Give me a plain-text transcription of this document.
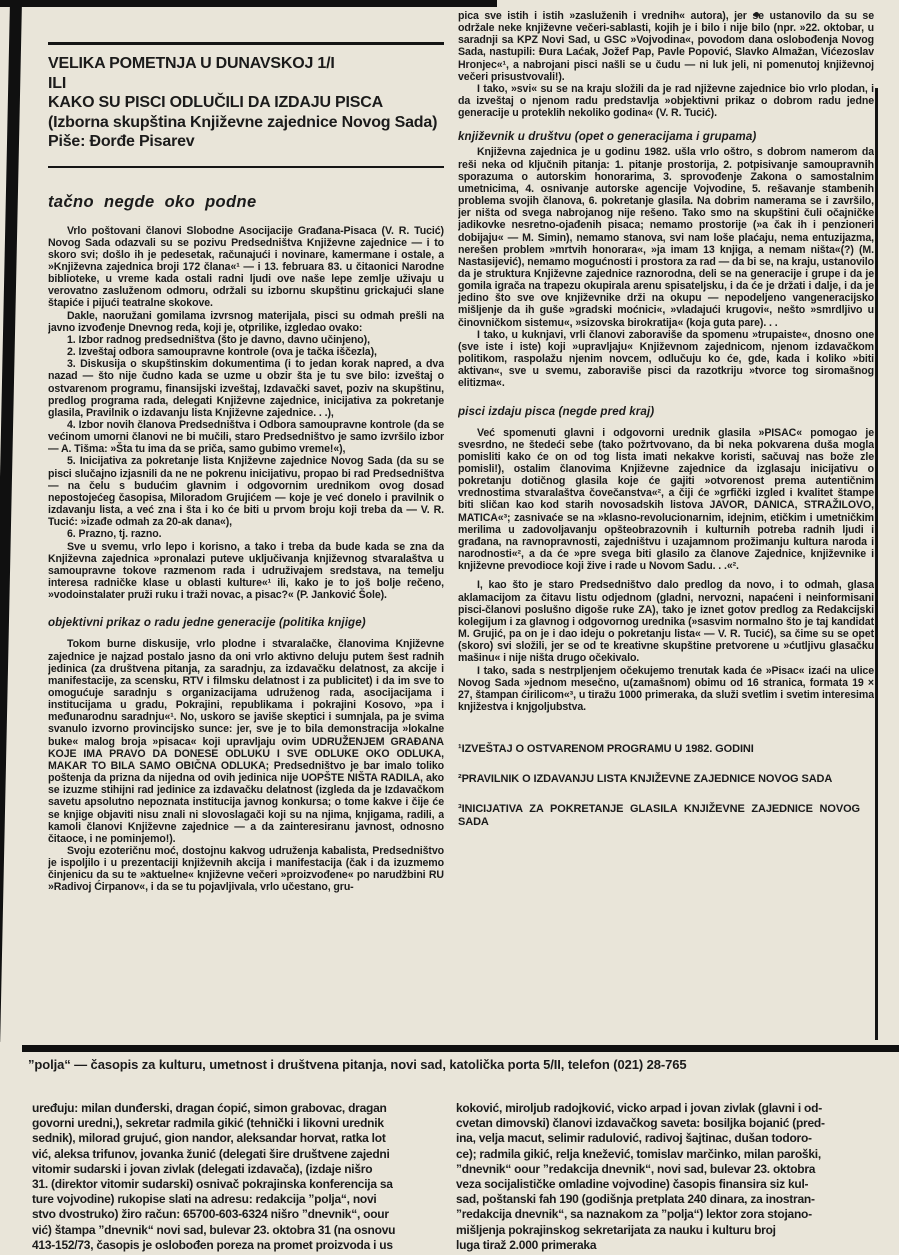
VELIKA POMETNJA U DUNAVSKOJ 1/I
ILI
KAKO SU PISCI ODLUČILI DA IZDAJU PISCA
(Izborna skupština Književne zajednice Novog Sada)
Piše: Đorđe Pisarev
tačno negde oko podne

Vrlo poštovani članovi Slobodne Asocijacije Građana-Pisaca (V. R. Tucić) Novog Sada odazvali su se pozivu Predsedništva Književne zajednice — i to skoro svi; došlo ih je pedesetak, računajući i novinare, kamermane i ostale, a »Književna zajednica broji 172 člana«¹ — i 13. februara 83. u čitaonici Narodne biblioteke, u vreme kada ostali radni ljudi ove naše lepe zemlje uživaju u verovatno zasluženom odmoru, održali su izbornu skupštinu grickajući slane štapiće i pijući teatralne skokove.

Dakle, naoružani gomilama izvrsnog materijala, pisci su odmah prešli na javno izvođenje Dnevnog reda, koji je, otprilike, izgledao ovako:

1. Izbor radnog predsedništva (što je davno, davno učinjeno),

2. Izveštaj odbora samoupravne kontrole (ova je tačka iščezla),

3. Diskusija o skupštinskim dokumentima (i to jedan korak napred, a dva nazad — što nije čudno kada se uzme u obzir šta je tu sve bilo: izveštaj o ostvarenom programu, finansijski izveštaj, Izdavački savet, poziv na skupštinu, predlog programa rada, delegati Književne zajednice, inicijativa za pokretanje glasila, Pravilnik o izdavanju lista Književne zajednice. . .),

4. Izbor novih članova Predsedništva i Odbora samoupravne kontrole (da se većinom umorni članovi ne bi mučili, staro Predsedništvo je samo izvršilo izbor — A. Tišma: »Šta tu ima da se priča, samo gubimo vreme!«),

5. Inicijativa za pokretanje lista Književne zajednice Novog Sada (da su se pisci slučajno izjasnili da ne ne pokrenu inicijativu, propao bi rad Predsedništva — na čelu s budućim glavnim i odgovornim urednikom ovog dosad nepostojećeg časopisa, Miloradom Grujićem — koje je već donelo i pravilnik o izdavanju lista, a već zna i šta i ko će biti u prvom broju koji treba da — V. R. Tucić: »izađe odmah za 20-ak dana«),

6. Prazno, tj. razno.

Sve u svemu, vrlo lepo i korisno, a tako i treba da bude kada se zna da Književna zajednica »pronalazi puteve uključivanja književnog stvaralaštva u samoupravne tokove razmenom rada i udruživajem sredstava, na temelju interesa radničke klase u oblasti kulture«¹ ili, kako je to još bolje rečeno, »vodoinstalater pruži ruku i traži novac, a pisac?« (P. Janković Šole).

objektivni prikaz o radu jedne generacije (politika knjige)

Tokom burne diskusije, vrlo plodne i stvaralačke, članovima Književne zajednice je najzad postalo jasno da oni vrlo aktivno deluju putem šest radnih jedinica (za društvena pitanja, za saradnju, za izdavačku delatnost, za akcije i manifestacije, za scensku, RTV i filmsku delatnost i za publicitet) i da im sve to omogućuje saradnju s organizacijama udruženog rada, asocijacijama i institucijama u gradu, Pokrajini, republikama i pokrajini Kosovo, »pa i međunarodnu saradnju«¹. No, uskoro se javiše skeptici i sumnjala, pa je svima svanulo izvorno provincijsko sunce: jer, sve je to bila demonstracija »lokalne buke« malog broja »pisaca« koji upravljaju ovim UDRUŽENJEM GRAĐANA KOJE IMA PRAVO DA DONESE ODLUKU I SVE ODLUKE OKO ODLUKA, MAKAR TO BILA SAMO OBIČNA ODLUKA; Predsedništvo je bar imalo toliko poštenja da prizna da nijedna od ovih jedinica nije UOPŠTE NIŠTA RADILA, ako se izuzme stihijni rad jedinice za izdavačku delatnost (izgleda da je Izdavačkom savetu apsolutno nepoznata institucija javnog konkursa; o tome kakve i čije će se knjige objaviti nisu znali ni slovoslagači koji su na njima, knjigama, radili, a kamoli članovi Književne zajednice — a da zainteresiranu javnost, odnosno čitaoce, i ne pominjemo!).

Svoju ezoteričnu moć, dostojnu kakvog udruženja kabalista, Predsedništvo je ispoljilo i u prezentaciji književnih akcija i manifestacija (čak i da izuzmemo činjenicu da su te »aktuelne« književne večeri »proizvođene« po narudžbini RU »Radivoj Ćirpanov«, i da se tu pojavljivala, vrlo učestano, gru-

pica sve istih i istih »zasluženih i vrednih« autora), jer se ustanovilo da su se održale neke književne večeri-sablasti, kojih je i bilo i nije bilo (npr. »22. oktobar, u saradnji sa KPZ Novi Sad, u GSC »Vojvodina«, povodom dana oslobođenja Novog Sada, nastupili: Đura Laćak, Jožef Pap, Pavle Popović, Slavko Almažan, Vićezoslav Hronjec«¹, a nabrojani pisci našli se u čudu — ni luk jeli, ni pomenutoj književnoj večeri prisustvovali!).

I tako, »svi« su se na kraju složili da je rad njiževne zajednice bio vrlo plodan, i da izveštaj o njenom radu predstavlja »objektivni prikaz o dobrom radu jedne generacije u proteklih nekoliko godina« (V. R. Tucić).

književnik u društvu (opet o generacijama i grupama)

Književna zajednica je u godinu 1982. ušla vrlo oštro, s dobrom namerom da reši neka od ključnih pitanja: 1. pitanje prostorija, 2. potpisivanje samoupravnih sporazuma o autorskim honorarima, 3. sprovođenje Zakona o samostalnim umetnicima, 4. osnivanje autorske agencije Vojvodine, 5. rešavanje stambenih problema svojih članova, 6. pokretanje glasila. Na dobrim namerama se i završilo, jer ništa od svega nabrojanog nije rešeno. Tako smo na skupštini čuli očajničke jadikovke nesretno-ojađenih pisaca; nemamo prostorije (»a čak ih i penzioneri dobijaju« — M. Simin), nemamo stanova, svi nam loše plaćaju, nema entuzijazma, nerešen problem »mrtvih honorara«, »ja imam 13 knjiga, a nemam ništa«(?) (M. Nastasijević), nemamo mogućnosti i prostora za rad — da bi se, na kraju, ustanovilo da je struktura Književne zajednice raznorodna, deli se na generacije i grupe i da je gomila igrača na trapezu okupirala arenu spisateljsku, i da će je držati i dalje, i da je jedino što sve ove književnike drži na okupu — nepodeljeno vangeneracijsko mišljenje da ih guše »gradski moćnici«, »vladajući krugovi«, nešto »smrdljivo u činovničkom sistemu«, »sizovska birokratija« (koja guta pare). . .

I tako, u kuknjavi, vrli članovi zaboraviše da spomenu »trupaiste«, dnosno one (sve iste i iste) koji »upravljaju« Književnom zajednicom, njenom izdavačkom politikom, raspolažu njenim novcem, odlučuju ko će, gde, kada i koliko »biti aktivan«, sve u svemu, zaboraviše pisci da razotkriju »tvorce tog siromašnog elitizma«.

pisci izdaju pisca (negde pred kraj)

Već spomenuti glavni i odgovorni urednik glasila »PISAC« pomogao je svesrdno, ne štedeći sebe (tako požrtvovano, da bi neka pokvarena duša mogla pomisliti kako će on od tog lista imati nekakve koristi, sačuvaj nas bože zle pomisli!), ostalim članovima Književne zajednice da izglasaju inicijativu o pokretanju dotičnog glasila koje će gajiti »otvorenost prema autentičnim vrednostima stvaralaštva čovečanstva«², a čiji će »grfički izgled i kvalitet štampe biti sličan kao kod starih novosadskih listova JAVOR, DANICA, STRAŽILOVO, MATICA«³; zasnivaće se na »klasno-revolucionarnim, idejnim, etičkim i umetničkim merilima u zadovoljavanju opšteobrazovnih i kulturnih potreba radnih ljudi i građana, na ravnopravnosti, zajedništvu i uzajamnom prožimanju kultura naroda i narodnosti«², a da će »pre svega biti glasilo za članove Zajednice, književnike i književne prevodioce koji žive i rade u Novom Sadu. . .«².

I, kao što je staro Predsedništvo dalo predlog da novo, i to odmah, glasa aklamacijom za čitavu listu odjednom (gladni, nervozni, napaćeni i neinformisani pisci-članovi poslušno digoše ruke ZA), tako je iznet gotov predlog za Redakcijski kolegijum i za glavnog i odgovornog urednika (»sasvim normalno što je taj kandidat M. Grujić, pa on je i dao ideju o pokretanju lista« — V. R. Tucić), sa čime su se opet (skoro) svi složili, jer se od te kreativne skupštine pretvorene u »ćutljivu glasačku mašinu« i nije ništa drugo očekivalo.

I tako, sada s nestrpljenjem očekujemo trenutak kada će »Pisac« izaći na ulice Novog Sada »jednom mesečno, u(zamašnom) obimu od 16 stranica, formata 19 × 27, štampan ćirilicom«³, u tiražu 1000 primeraka, da služi svetlim i svetim interesima knjižestva i knjgoljubstva.

¹IZVEŠTAJ O OSTVARENOM PROGRAMU U 1982. GODINI

²PRAVILNIK O IZDAVANJU LISTA KNJIŽEVNE ZAJEDNICE NOVOG SADA

³INICIJATIVA ZA POKRETANJE GLASILA KNJIŽEVNE ZAJEDNICE NOVOG SADA

”polja“ — časopis za kulturu, umetnost i društvena pitanja, novi sad, katolička porta 5/II, telefon (021) 28-765
uređuju: milan dunđerski, dragan ćopić, simon grabovac, dragan
govorni uredni,), sekretar radmila gikić (tehnički i likovni urednik
sednik), milorad grujuć, gion nandor, aleksandar horvat, ratka lot
vić, aleksa trifunov, jovanka žunić (delegati šire društvene zajedni
vitomir sudarski i jovan zivlak (delegati izdavača), (izdaje nišro
31. (direktor vitomir sudarski) osnivač pokrajinska konferencija sa
ture vojvodine) rukopise slati na adresu: redakcija ”polja“, novi
stvo dvostruko) žiro račun: 65700-603-6324 nišro ”dnevnik“, oour
vić) štampa ”dnevnik“ novi sad, bulevar 23. oktobra 31 (na osnovu
413-152/73, časopis je oslobođen poreza na promet proizvoda i us
koković, miroljub radojković, vicko arpad i jovan zivlak (glavni i od-
cvetan dimovski) članovi izdavačkog saveta: bosiljka bojanić (pred-
ina, velja macut, selimir radulović, radivoj šajtinac, dušan todoro-
ce); radmila gikić, relja knežević, tomislav marčinko, milan paroški,
”dnevnik“ oour ”redakcija dnevnik“, novi sad, bulevar 23. oktobra
veza socijalističke omladine vojvodine) časopis finansira siz kul-
sad, poštanski fah 190 (godišnja pretplata 240 dinara, za inostran-
”redakcija dnevnik“, sa naznakom za ”polja“) lektor zora stojano-
mišljenja pokrajinskog sekretarijata za nauku i kulturu broj
luga tiraž 2.000 primeraka
